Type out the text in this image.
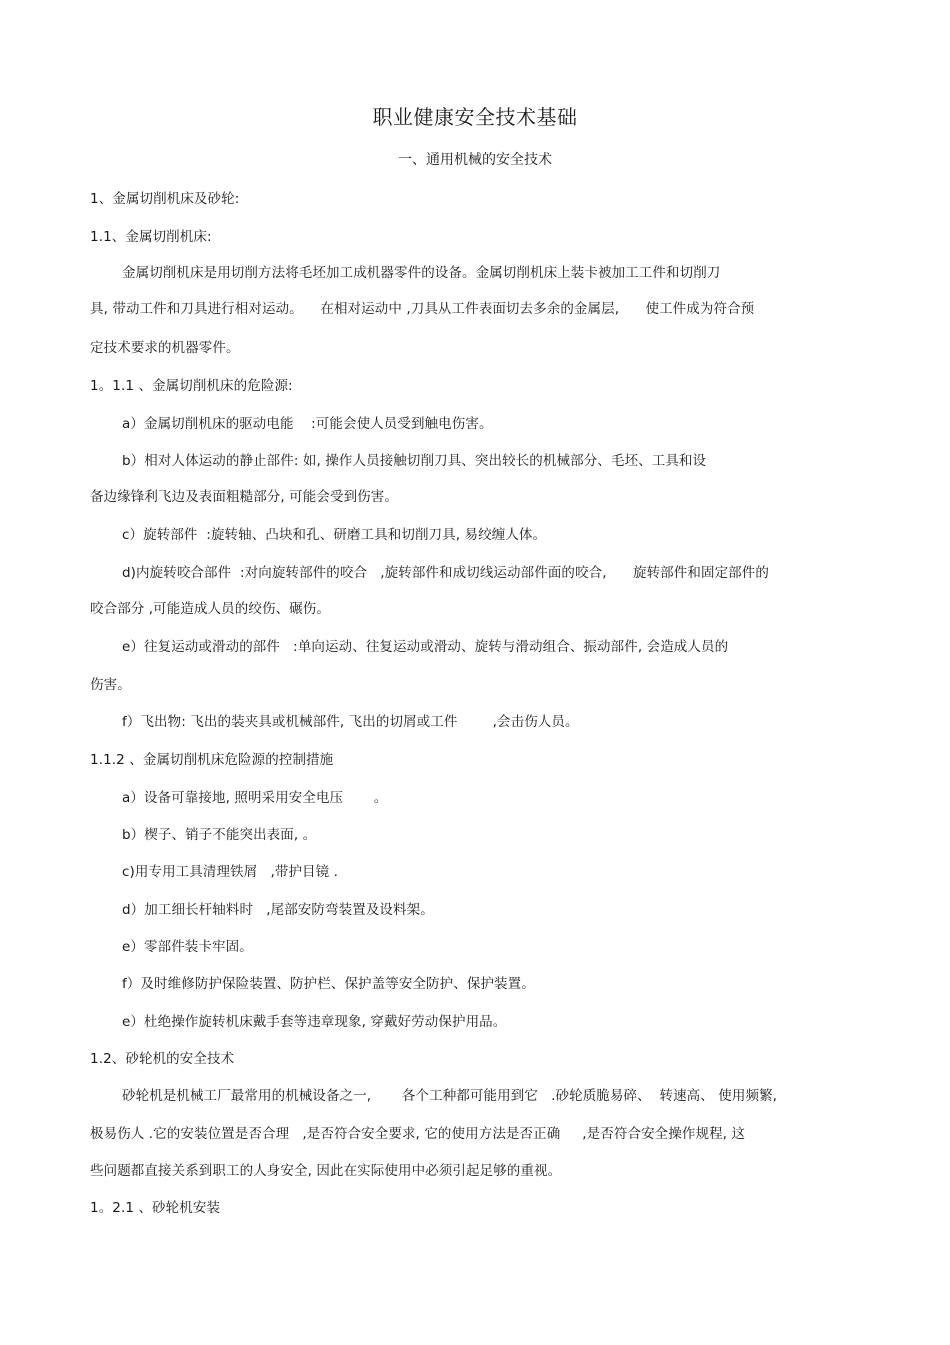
职业健康安全技术基础
一、通用机械的安全技术
1、金属切削机床及砂轮:
1.1、金属切削机床:
金属切削机床是用切削方法将毛坯加工成机器零件的设备。金属切削机床上装卡被加工工件和切削刀
具, 带动工件和刀具进行相对运动。    在相对运动中 ,刀具从工件表面切去多余的金属层,      使工件成为符合预
定技术要求的机器零件。
1。1.1 、金属切削机床的危险源:
a）金属切削机床的驱动电能    :可能会使人员受到触电伤害。
b）相对人体运动的静止部件: 如, 操作人员接触切削刀具、突出较长的机械部分、毛坯、工具和设
备边缘锋利飞边及表面粗糙部分, 可能会受到伤害。
c）旋转部件  :旋转轴、凸块和孔、研磨工具和切削刀具, 易绞缠人体。
d)内旋转咬合部件  :对向旋转部件的咬合   ,旋转部件和成切线运动部件面的咬合,      旋转部件和固定部件的
咬合部分 ,可能造成人员的绞伤、碾伤。
e）往复运动或滑动的部件   :单向运动、往复运动或滑动、旋转与滑动组合、振动部件, 会造成人员的
伤害。
f）飞出物: 飞出的装夹具或机械部件, 飞出的切屑或工件        ,会击伤人员。
1.1.2 、金属切削机床危险源的控制措施
a）设备可靠接地, 照明采用安全电压       。
b）楔子、销子不能突出表面, 。
c)用专用工具清理铁屑   ,带护目镜 .
d）加工细长杆轴料时   ,尾部安防弯装置及设料架。
e）零部件装卡牢固。
f）及时维修防护保险装置、防护栏、保护盖等安全防护、保护装置。
e）杜绝操作旋转机床戴手套等违章现象, 穿戴好劳动保护用品。
1.2、砂轮机的安全技术
砂轮机是机械工厂最常用的机械设备之一,       各个工种都可能用到它   .砂轮质脆易碎、  转速高、 使用频繁,
极易伤人 .它的安装位置是否合理   ,是否符合安全要求, 它的使用方法是否正确     ,是否符合安全操作规程, 这
些问题都直接关系到职工的人身安全, 因此在实际使用中必须引起足够的重视。
1。2.1 、砂轮机安装
